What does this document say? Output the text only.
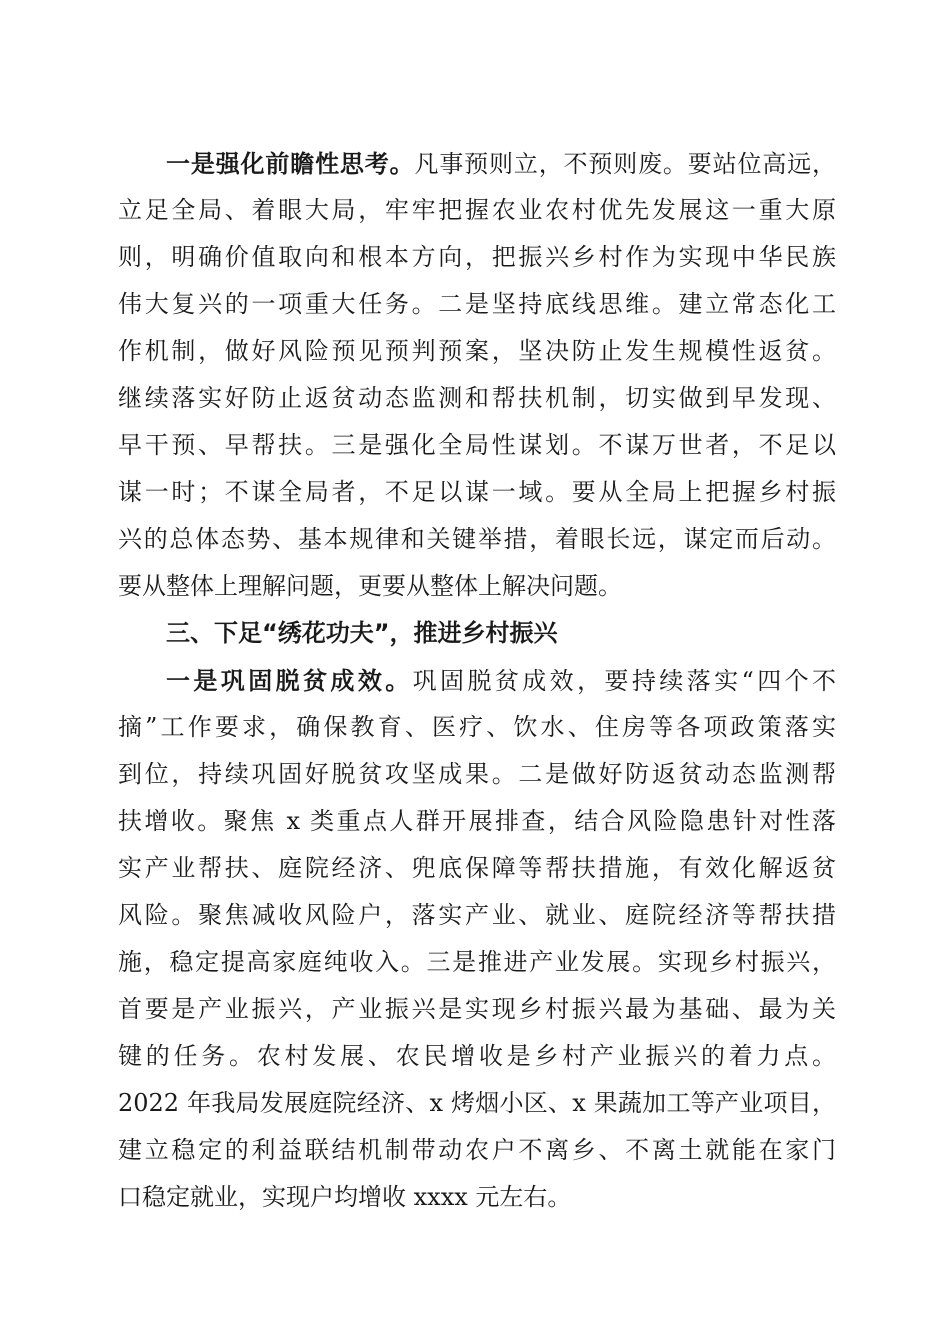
一是强化前瞻性思考。凡事预则立，不预则废。要站位高远，
立足全局、着眼大局，牢牢把握农业农村优先发展这一重大原
则，明确价值取向和根本方向，把振兴乡村作为实现中华民族
伟大复兴的一项重大任务。二是坚持底线思维。建立常态化工
作机制，做好风险预见预判预案，坚决防止发生规模性返贫。
继续落实好防止返贫动态监测和帮扶机制，切实做到早发现、
早干预、早帮扶。三是强化全局性谋划。不谋万世者，不足以
谋一时；不谋全局者，不足以谋一域。要从全局上把握乡村振
兴的总体态势、基本规律和关键举措，着眼长远，谋定而后动。
要从整体上理解问题，更要从整体上解决问题。
三、下足“绣花功夫”，推进乡村振兴
一是巩固脱贫成效。巩固脱贫成效，要持续落实“四个不
摘”工作要求，确保教育、医疗、饮水、住房等各项政策落实
到位，持续巩固好脱贫攻坚成果。二是做好防返贫动态监测帮
扶增收。聚焦 x 类重点人群开展排查，结合风险隐患针对性落
实产业帮扶、庭院经济、兜底保障等帮扶措施，有效化解返贫
风险。聚焦减收风险户，落实产业、就业、庭院经济等帮扶措
施，稳定提高家庭纯收入。三是推进产业发展。实现乡村振兴，
首要是产业振兴，产业振兴是实现乡村振兴最为基础、最为关
键的任务。农村发展、农民增收是乡村产业振兴的着力点。
2022 年我局发展庭院经济、x 烤烟小区、x 果蔬加工等产业项目，
建立稳定的利益联结机制带动农户不离乡、不离土就能在家门
口稳定就业，实现户均增收 xxxx 元左右。
